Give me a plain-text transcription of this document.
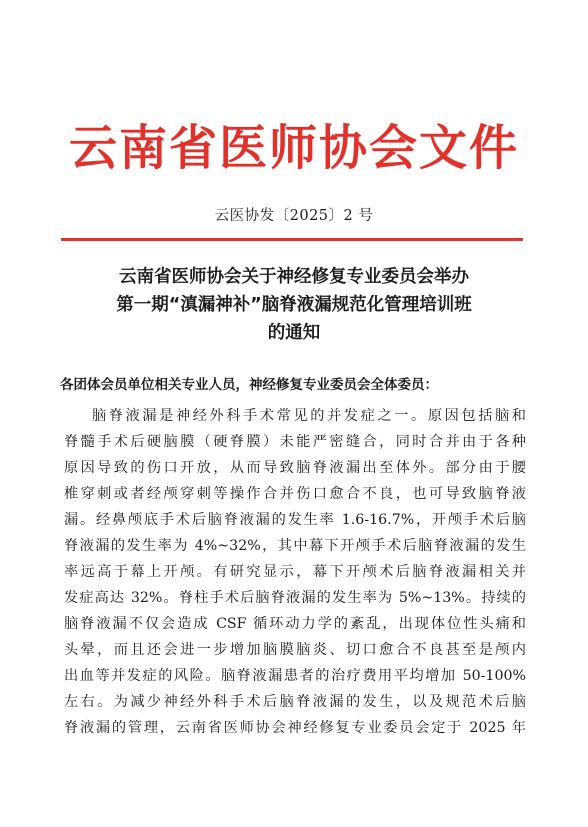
云南省医师协会文件
云医协发〔2025〕2 号
云南省医师协会关于神经修复专业委员会举办
第一期“滇漏神补”脑脊液漏规范化管理培训班
的通知
各团体会员单位相关专业人员，神经修复专业委员会全体委员：
脑脊液漏是神经外科手术常见的并发症之一。原因包括脑和
脊髓手术后硬脑膜（硬脊膜）未能严密缝合，同时合并由于各种
原因导致的伤口开放，从而导致脑脊液漏出至体外。部分由于腰
椎穿刺或者经颅穿刺等操作合并伤口愈合不良，也可导致脑脊液
漏。经鼻颅底手术后脑脊液漏的发生率 1.6-16.7%，开颅手术后脑
脊液漏的发生率为 4%~32%，其中幕下开颅手术后脑脊液漏的发生
率远高于幕上开颅。有研究显示，幕下开颅术后脑脊液漏相关并
发症高达 32%。脊柱手术后脑脊液漏的发生率为 5%~13%。持续的
脑脊液漏不仅会造成 CSF 循环动力学的紊乱，出现体位性头痛和
头晕，而且还会进一步增加脑膜脑炎、切口愈合不良甚至是颅内
出血等并发症的风险。脑脊液漏患者的治疗费用平均增加 50-100%
左右。为减少神经外科手术后脑脊液漏的发生，以及规范术后脑
脊液漏的管理，云南省医师协会神经修复专业委员会定于 2025 年
